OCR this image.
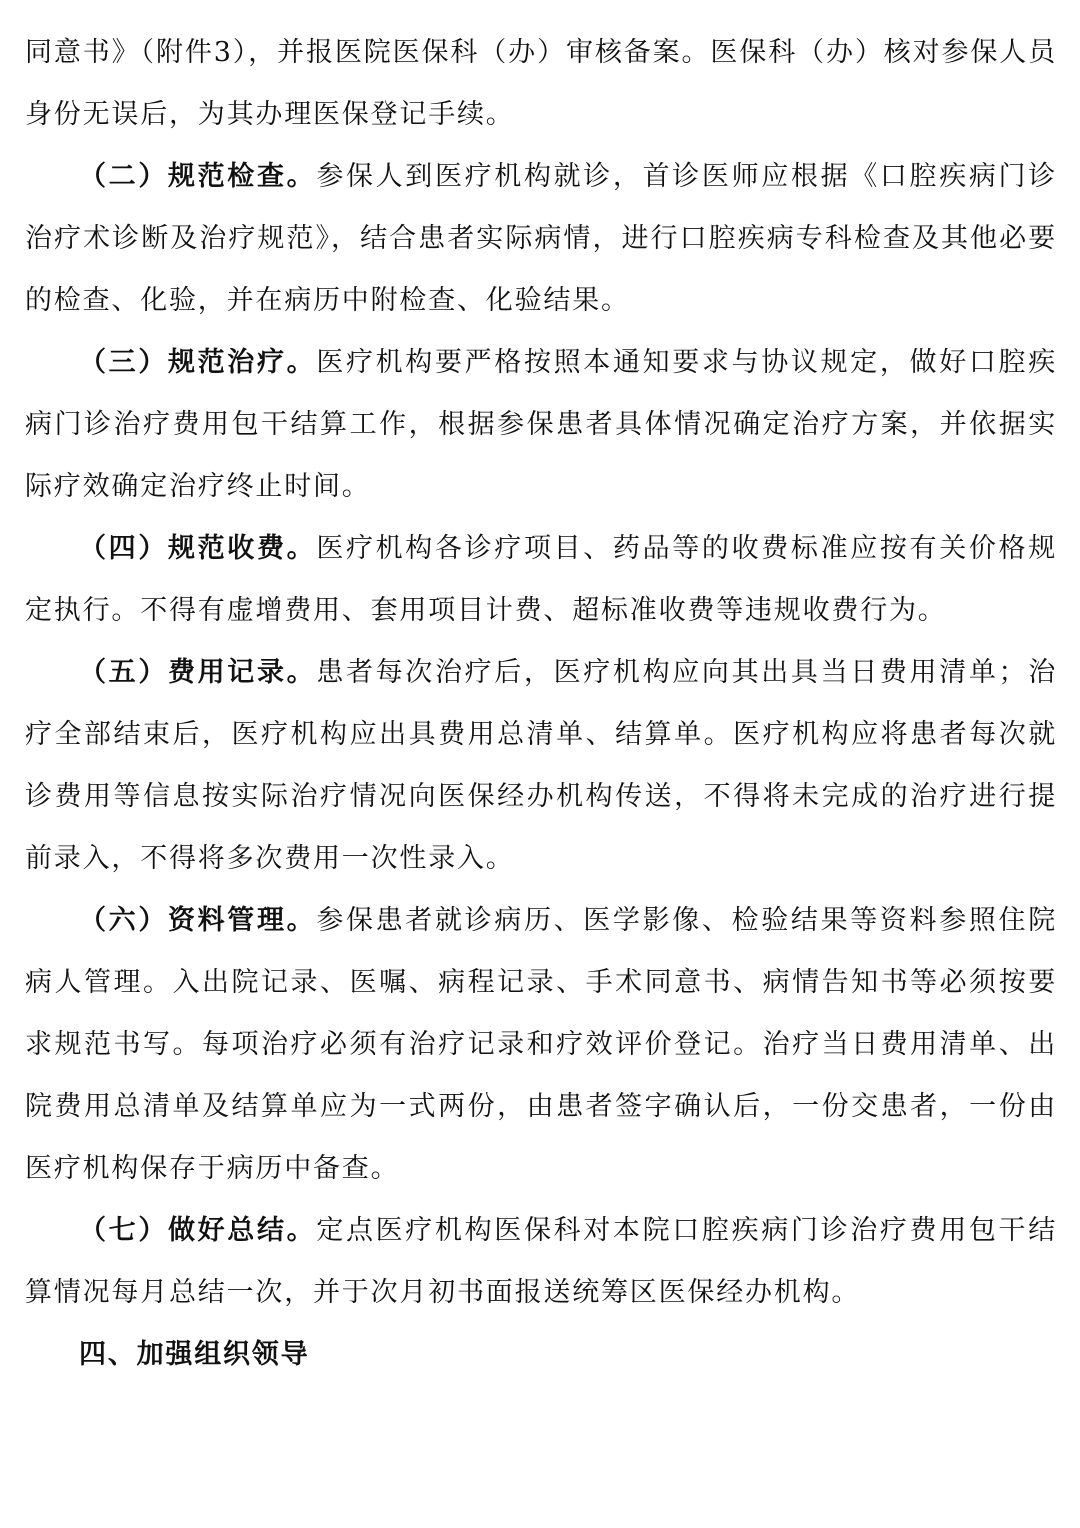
同意书》（附件3），并报医院医保科（办）审核备案。医保科（办）核对参保人员身份无误后，为其办理医保登记手续。

（二）规范检查。参保人到医疗机构就诊，首诊医师应根据《口腔疾病门诊治疗术诊断及治疗规范》，结合患者实际病情，进行口腔疾病专科检查及其他必要的检查、化验，并在病历中附检查、化验结果。

（三）规范治疗。医疗机构要严格按照本通知要求与协议规定，做好口腔疾病门诊治疗费用包干结算工作，根据参保患者具体情况确定治疗方案，并依据实际疗效确定治疗终止时间。

（四）规范收费。医疗机构各诊疗项目、药品等的收费标准应按有关价格规定执行。不得有虚增费用、套用项目计费、超标准收费等违规收费行为。

（五）费用记录。患者每次治疗后，医疗机构应向其出具当日费用清单；治疗全部结束后，医疗机构应出具费用总清单、结算单。医疗机构应将患者每次就诊费用等信息按实际治疗情况向医保经办机构传送，不得将未完成的治疗进行提前录入，不得将多次费用一次性录入。

（六）资料管理。参保患者就诊病历、医学影像、检验结果等资料参照住院病人管理。入出院记录、医嘱、病程记录、手术同意书、病情告知书等必须按要求规范书写。每项治疗必须有治疗记录和疗效评价登记。治疗当日费用清单、出院费用总清单及结算单应为一式两份，由患者签字确认后，一份交患者，一份由医疗机构保存于病历中备查。

（七）做好总结。定点医疗机构医保科对本院口腔疾病门诊治疗费用包干结算情况每月总结一次，并于次月初书面报送统筹区医保经办机构。

四、加强组织领导
